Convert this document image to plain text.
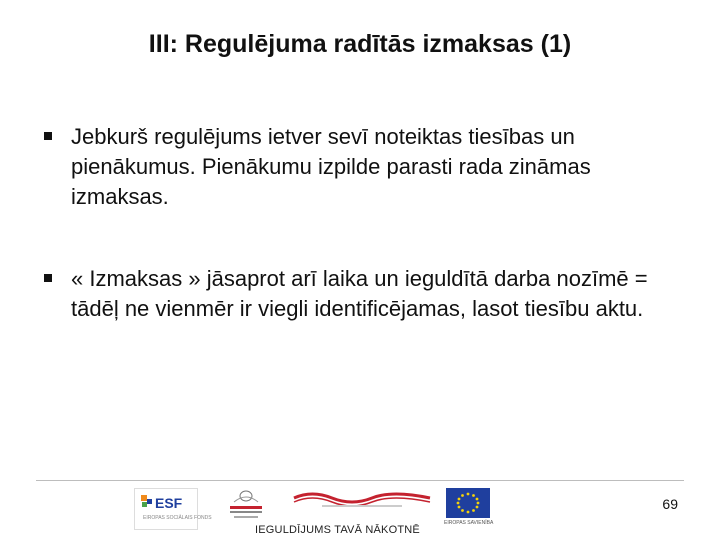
III: Regulējuma radītās izmaksas (1)
Jebkurš regulējums ietver sevī noteiktas tiesības un pienākumus. Pienākumu izpilde parasti rada zināmas izmaksas.
« Izmaksas » jāsaprot arī laika un ieguldītā darba nozīmē = tādēļ ne vienmēr ir viegli identificējamas, lasot tiesību aktu.
ESF
EIROPAS SOCIĀLAIS FONDS
EIROPAS SAVIENĪBA
69
IEGULDĪJUMS TAVĀ NĀKOTNĒ
